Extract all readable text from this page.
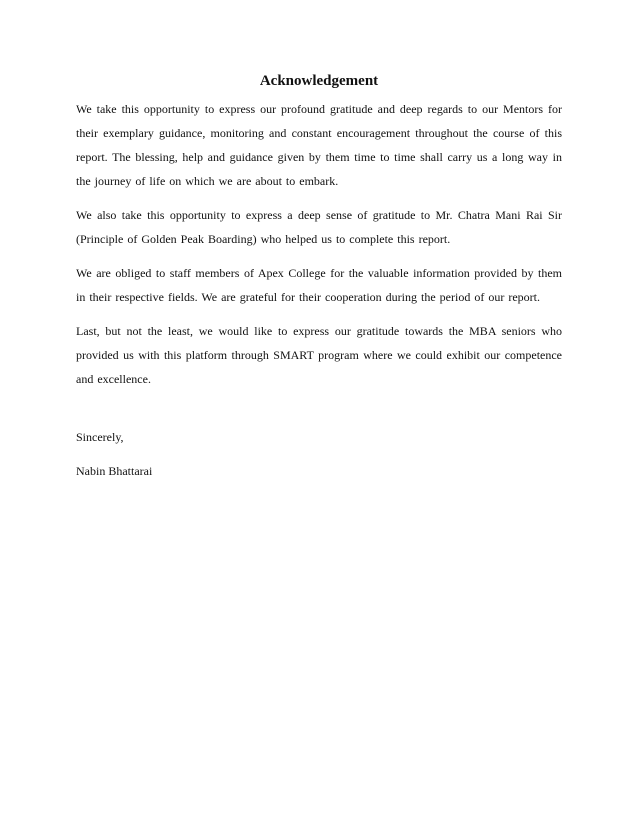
Acknowledgement

We take this opportunity to express our profound gratitude and deep regards to our Mentors for their exemplary guidance, monitoring and constant encouragement throughout the course of this report. The blessing, help and guidance given by them time to time shall carry us a long way in the journey of life on which we are about to embark.

We also take this opportunity to express a deep sense of gratitude to Mr. Chatra Mani Rai Sir (Principle of Golden Peak Boarding) who helped us to complete this report.

We are obliged to staff members of Apex College for the valuable information provided by them in their respective fields. We are grateful for their cooperation during the period of our report.

Last, but not the least, we would like to express our gratitude towards the MBA seniors who provided us with this platform through SMART program where we could exhibit our competence and excellence.

Sincerely,

Nabin Bhattarai
